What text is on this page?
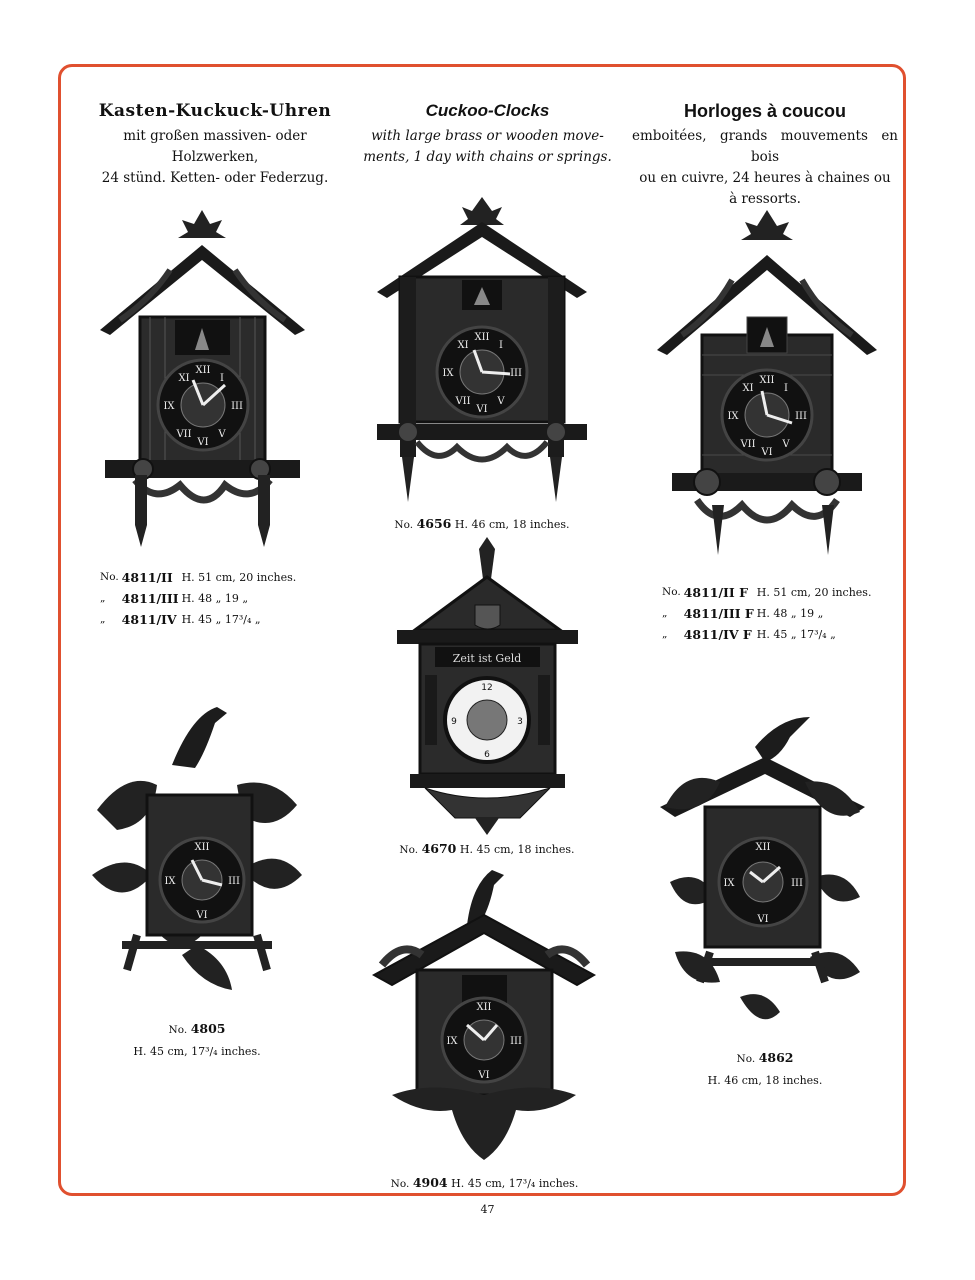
Kasten-Kuckuck-Uhren
mit großen massiven- oder Holzwerken,
24 stünd. Ketten- oder Federzug.
Cuckoo-Clocks
with large brass or wooden move-
ments, 1 day with chains or springs.
Horloges à coucou
emboitées, grands mouvements en bois
ou en cuivre, 24 heures à chaines ou
à ressorts.
XII
VI
IX	III
I
XI
V
VII
No.	4811/II	H. 51 cm, 20 inches.
„	4811/III	H. 48 „ 19 „
„	4811/IV	H. 45 „ 17³/₄ „
XII
VI
IX	III
I
XI
V
VII
No. 4656 H. 46 cm, 18 inches.
XII
VI
IX	III
I
XI
V
VII
No.	4811/II F	H. 51 cm, 20 inches.
„	4811/III F	H. 48 „ 19 „
„	4811/IV F	H. 45 „ 17³/₄ „
Zeit ist Geld
12
6
9	3
No. 4670 H. 45 cm, 18 inches.
XII
VI
IX	III
No. 4805
H. 45 cm, 17³/₄ inches.
XII
VI
IX	III
No. 4904 H. 45 cm, 17³/₄ inches.
XII
VI
IX	III
No. 4862
H. 46 cm, 18 inches.
47
